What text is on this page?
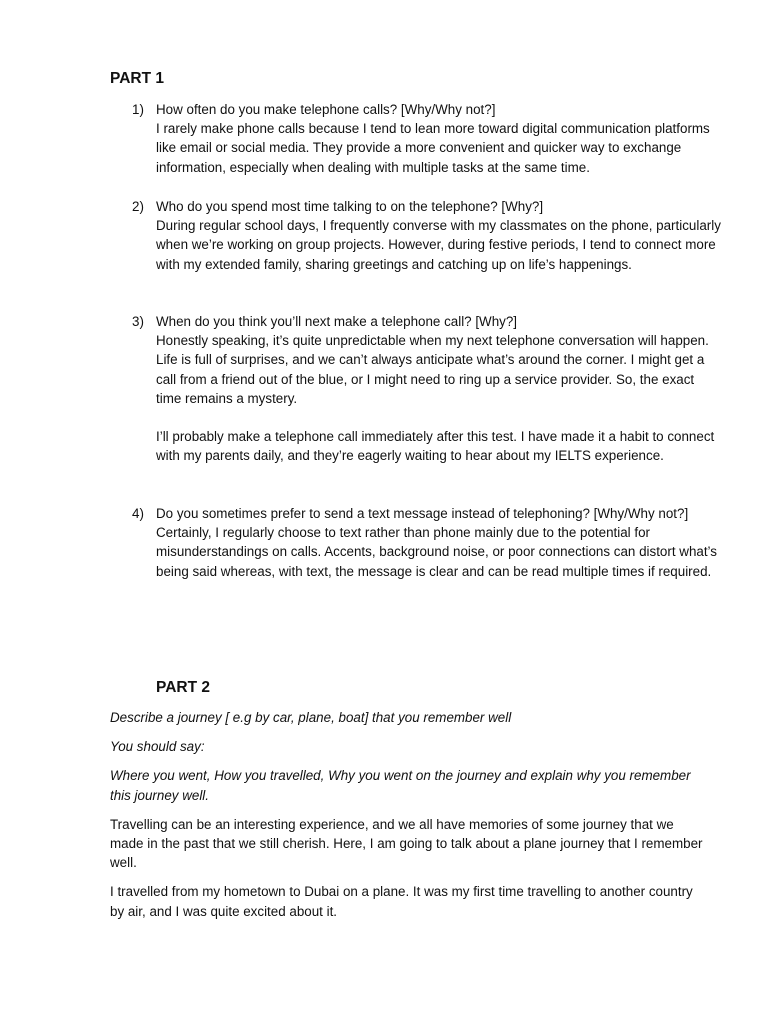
PART 1
1) How often do you make telephone calls? [Why/Why not?]

I rarely make phone calls because I tend to lean more toward digital communication platforms like email or social media. They provide a more convenient and quicker way to exchange information, especially when dealing with multiple tasks at the same time.

2) Who do you spend most time talking to on the telephone? [Why?]

During regular school days, I frequently converse with my classmates on the phone, particularly when we’re working on group projects. However, during festive periods, I tend to connect more with my extended family, sharing greetings and catching up on life’s happenings.

3) When do you think you’ll next make a telephone call? [Why?]

Honestly speaking, it’s quite unpredictable when my next telephone conversation will happen. Life is full of surprises, and we can’t always anticipate what’s around the corner. I might get a call from a friend out of the blue, or I might need to ring up a service provider. So, the exact time remains a mystery.

I’ll probably make a telephone call immediately after this test. I have made it a habit to connect with my parents daily, and they’re eagerly waiting to hear about my IELTS experience.

4) Do you sometimes prefer to send a text message instead of telephoning? [Why/Why not?]

Certainly, I regularly choose to text rather than phone mainly due to the potential for misunderstandings on calls. Accents, background noise, or poor connections can distort what’s being said whereas, with text, the message is clear and can be read multiple times if required.

PART 2

Describe a journey [ e.g by car, plane, boat] that you remember well

You should say:

Where you went, How you travelled, Why you went on the journey and explain why you remember this journey well.

Travelling can be an interesting experience, and we all have memories of some journey that we made in the past that we still cherish. Here, I am going to talk about a plane journey that I remember well.

I travelled from my hometown to Dubai on a plane. It was my first time travelling to another country by air, and I was quite excited about it.
